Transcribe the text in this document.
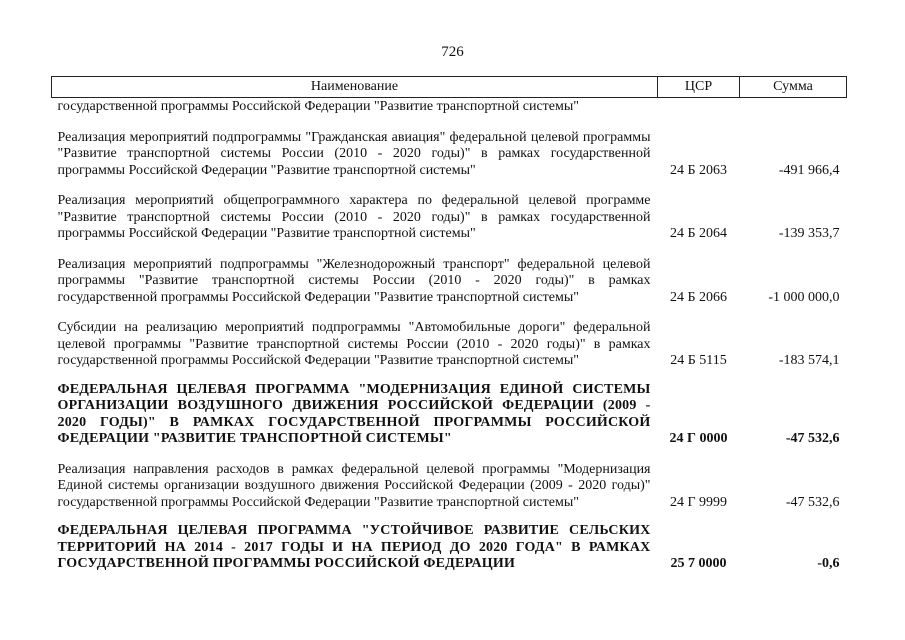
726
Наименование	ЦСР	Сумма
государственной программы Российской Федерации "Развитие транспортной системы"		
Реализация мероприятий подпрограммы "Гражданская авиация" федеральной целевой программы "Развитие транспортной системы России (2010 - 2020 годы)" в рамках государственной программы Российской Федерации "Развитие транспортной системы"	24 Б 2063	-491 966,4
Реализация мероприятий общепрограммного характера по федеральной целевой программе "Развитие транспортной системы России (2010 - 2020 годы)" в рамках государственной программы Российской Федерации "Развитие транспортной системы"	24 Б 2064	-139 353,7
Реализация мероприятий подпрограммы "Железнодорожный транспорт" федеральной целевой программы "Развитие транспортной системы России (2010 - 2020 годы)" в рамках государственной программы Российской Федерации "Развитие транспортной системы"	24 Б 2066	-1 000 000,0
Субсидии на реализацию мероприятий подпрограммы "Автомобильные дороги" федеральной целевой программы "Развитие транспортной системы России (2010 - 2020 годы)" в рамках государственной программы Российской Федерации "Развитие транспортной системы"	24 Б 5115	-183 574,1
ФЕДЕРАЛЬНАЯ ЦЕЛЕВАЯ ПРОГРАММА "МОДЕРНИЗАЦИЯ ЕДИНОЙ СИСТЕМЫ ОРГАНИЗАЦИИ ВОЗДУШНОГО ДВИЖЕНИЯ РОССИЙСКОЙ ФЕДЕРАЦИИ (2009 - 2020 ГОДЫ)" В РАМКАХ ГОСУДАРСТВЕННОЙ ПРОГРАММЫ РОССИЙСКОЙ ФЕДЕРАЦИИ "РАЗВИТИЕ ТРАНСПОРТНОЙ СИСТЕМЫ"	24 Г 0000	-47 532,6
Реализация направления расходов в рамках федеральной целевой программы "Модернизация Единой системы организации воздушного движения Российской Федерации (2009 - 2020 годы)" государственной программы Российской Федерации "Развитие транспортной системы"	24 Г 9999	-47 532,6
ФЕДЕРАЛЬНАЯ ЦЕЛЕВАЯ ПРОГРАММА "УСТОЙЧИВОЕ РАЗВИТИЕ СЕЛЬСКИХ ТЕРРИТОРИЙ НА 2014 - 2017 ГОДЫ И НА ПЕРИОД ДО 2020 ГОДА" В РАМКАХ ГОСУДАРСТВЕННОЙ ПРОГРАММЫ РОССИЙСКОЙ ФЕДЕРАЦИИ	25 7 0000	-0,6
